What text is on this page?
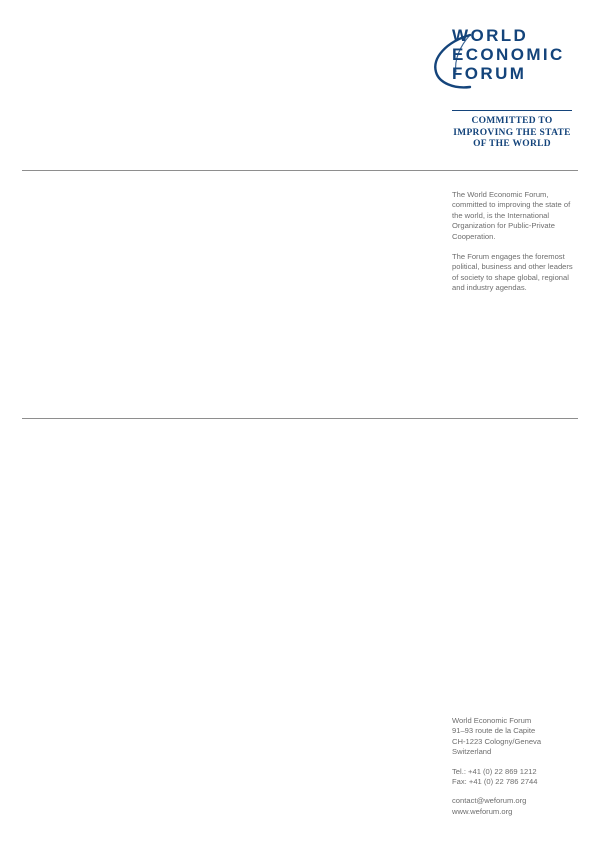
WORLD
ECONOMIC
FORUM
COMMITTED TO
IMPROVING THE STATE
OF THE WORLD

The World Economic Forum, committed to improving the state of the world, is the International Organization for Public-Private Cooperation.

The Forum engages the foremost political, business and other leaders of society to shape global, regional and industry agendas.

World Economic Forum
91–93 route de la Capite
CH-1223 Cologny/Geneva
Switzerland
Tel.: +41 (0) 22 869 1212
Fax: +41 (0) 22 786 2744
contact@weforum.org
www.weforum.org
